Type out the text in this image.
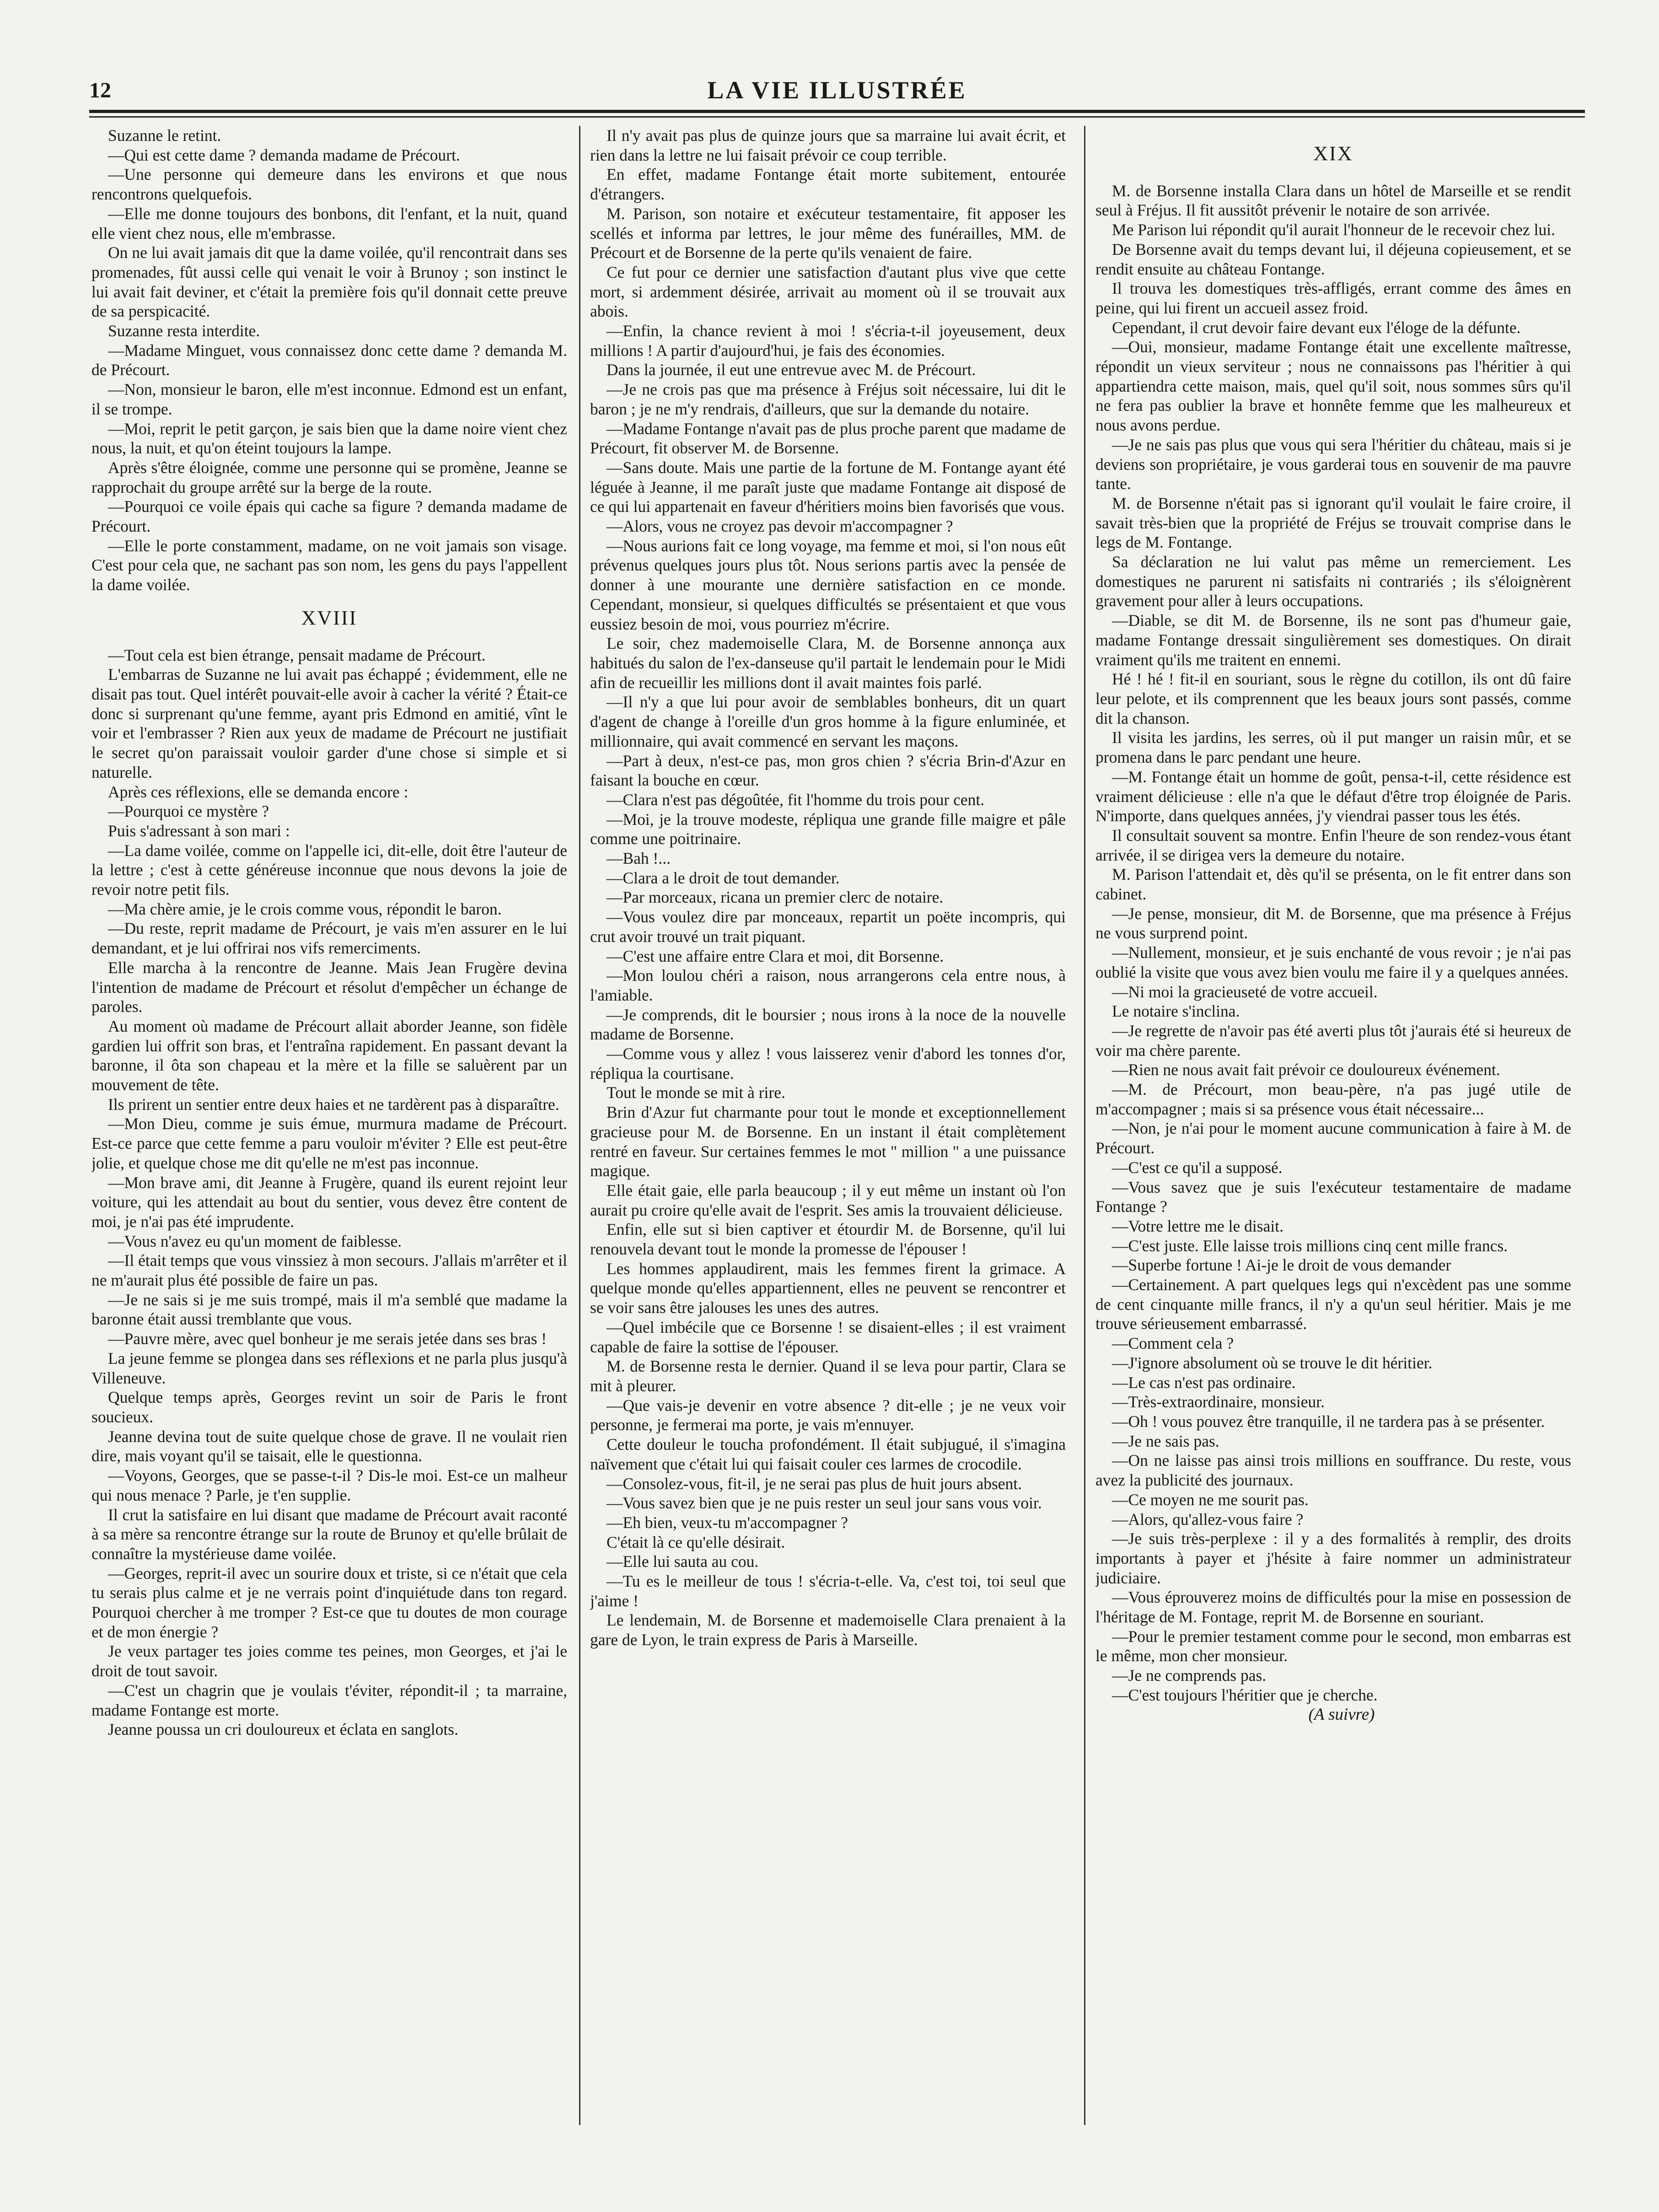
12	LA VIE ILLUSTRÉE

Suzanne le retint.

—Qui est cette dame ? demanda madame de Précourt.

—Une personne qui demeure dans les environs et que nous rencontrons quelquefois.

—Elle me donne toujours des bonbons, dit l'enfant, et la nuit, quand elle vient chez nous, elle m'embrasse.

On ne lui avait jamais dit que la dame voilée, qu'il rencontrait dans ses promenades, fût aussi celle qui venait le voir à Brunoy ; son instinct le lui avait fait deviner, et c'était la première fois qu'il donnait cette preuve de sa perspicacité.

Suzanne resta interdite.

—Madame Minguet, vous connaissez donc cette dame ? demanda M. de Précourt.

—Non, monsieur le baron, elle m'est inconnue. Edmond est un enfant, il se trompe.

—Moi, reprit le petit garçon, je sais bien que la dame noire vient chez nous, la nuit, et qu'on éteint toujours la lampe.

Après s'être éloignée, comme une personne qui se promène, Jeanne se rapprochait du groupe arrêté sur la berge de la route.

—Pourquoi ce voile épais qui cache sa figure ? demanda madame de Précourt.

—Elle le porte constamment, madame, on ne voit jamais son visage. C'est pour cela que, ne sachant pas son nom, les gens du pays l'appellent la dame voilée.

XVIII

—Tout cela est bien étrange, pensait madame de Précourt.

L'embarras de Suzanne ne lui avait pas échappé ; évidemment, elle ne disait pas tout. Quel intérêt pouvait-elle avoir à cacher la vérité ? Était-ce donc si surprenant qu'une femme, ayant pris Edmond en amitié, vînt le voir et l'embrasser ? Rien aux yeux de madame de Précourt ne justifiait le secret qu'on paraissait vouloir garder d'une chose si simple et si naturelle.

Après ces réflexions, elle se demanda encore :

—Pourquoi ce mystère ?

Puis s'adressant à son mari :

—La dame voilée, comme on l'appelle ici, dit-elle, doit être l'auteur de la lettre ; c'est à cette généreuse inconnue que nous devons la joie de revoir notre petit fils.

—Ma chère amie, je le crois comme vous, répondit le baron.

—Du reste, reprit madame de Précourt, je vais m'en assurer en le lui demandant, et je lui offrirai nos vifs remerciments.

Elle marcha à la rencontre de Jeanne. Mais Jean Frugère devina l'intention de madame de Précourt et résolut d'empêcher un échange de paroles.

Au moment où madame de Précourt allait aborder Jeanne, son fidèle gardien lui offrit son bras, et l'entraîna rapidement. En passant devant la baronne, il ôta son chapeau et la mère et la fille se saluèrent par un mouvement de tête.

Ils prirent un sentier entre deux haies et ne tardèrent pas à disparaître.

—Mon Dieu, comme je suis émue, murmura madame de Précourt. Est-ce parce que cette femme a paru vouloir m'éviter ? Elle est peut-être jolie, et quelque chose me dit qu'elle ne m'est pas inconnue.

—Mon brave ami, dit Jeanne à Frugère, quand ils eurent rejoint leur voiture, qui les attendait au bout du sentier, vous devez être content de moi, je n'ai pas été imprudente.

—Vous n'avez eu qu'un moment de faiblesse.

—Il était temps que vous vinssiez à mon secours. J'allais m'arrêter et il ne m'aurait plus été possible de faire un pas.

—Je ne sais si je me suis trompé, mais il m'a semblé que madame la baronne était aussi tremblante que vous.

—Pauvre mère, avec quel bonheur je me serais jetée dans ses bras !

La jeune femme se plongea dans ses réflexions et ne parla plus jusqu'à Villeneuve.

Quelque temps après, Georges revint un soir de Paris le front soucieux.

Jeanne devina tout de suite quelque chose de grave. Il ne voulait rien dire, mais voyant qu'il se taisait, elle le questionna.

—Voyons, Georges, que se passe-t-il ? Dis-le moi. Est-ce un malheur qui nous menace ? Parle, je t'en supplie.

Il crut la satisfaire en lui disant que madame de Précourt avait raconté à sa mère sa rencontre étrange sur la route de Brunoy et qu'elle brûlait de connaître la mystérieuse dame voilée.

—Georges, reprit-il avec un sourire doux et triste, si ce n'était que cela tu serais plus calme et je ne verrais point d'inquiétude dans ton regard. Pourquoi chercher à me tromper ? Est-ce que tu doutes de mon courage et de mon énergie ?

Je veux partager tes joies comme tes peines, mon Georges, et j'ai le droit de tout savoir.

—C'est un chagrin que je voulais t'éviter, répondit-il ; ta marraine, madame Fontange est morte.

Jeanne poussa un cri douloureux et éclata en sanglots.

Il n'y avait pas plus de quinze jours que sa marraine lui avait écrit, et rien dans la lettre ne lui faisait prévoir ce coup terrible.

En effet, madame Fontange était morte subitement, entourée d'étrangers.

M. Parison, son notaire et exécuteur testamentaire, fit apposer les scellés et informa par lettres, le jour même des funérailles, MM. de Précourt et de Borsenne de la perte qu'ils venaient de faire.

Ce fut pour ce dernier une satisfaction d'autant plus vive que cette mort, si ardemment désirée, arrivait au moment où il se trouvait aux abois.

—Enfin, la chance revient à moi ! s'écria-t-il joyeusement, deux millions ! A partir d'aujourd'hui, je fais des économies.

Dans la journée, il eut une entrevue avec M. de Précourt.

—Je ne crois pas que ma présence à Fréjus soit nécessaire, lui dit le baron ; je ne m'y rendrais, d'ailleurs, que sur la demande du notaire.

—Madame Fontange n'avait pas de plus proche parent que madame de Précourt, fit observer M. de Borsenne.

—Sans doute. Mais une partie de la fortune de M. Fontange ayant été léguée à Jeanne, il me paraît juste que madame Fontange ait disposé de ce qui lui appartenait en faveur d'héritiers moins bien favorisés que vous.

—Alors, vous ne croyez pas devoir m'accompagner ?

—Nous aurions fait ce long voyage, ma femme et moi, si l'on nous eût prévenus quelques jours plus tôt. Nous serions partis avec la pensée de donner à une mourante une dernière satisfaction en ce monde. Cependant, monsieur, si quelques difficultés se présentaient et que vous eussiez besoin de moi, vous pourriez m'écrire.

Le soir, chez mademoiselle Clara, M. de Borsenne annonça aux habitués du salon de l'ex-danseuse qu'il partait le lendemain pour le Midi afin de recueillir les millions dont il avait maintes fois parlé.

—Il n'y a que lui pour avoir de semblables bonheurs, dit un quart d'agent de change à l'oreille d'un gros homme à la figure enluminée, et millionnaire, qui avait commencé en servant les maçons.

—Part à deux, n'est-ce pas, mon gros chien ? s'écria Brin-d'Azur en faisant la bouche en cœur.

—Clara n'est pas dégoûtée, fit l'homme du trois pour cent.

—Moi, je la trouve modeste, répliqua une grande fille maigre et pâle comme une poitrinaire.

—Bah !...

—Clara a le droit de tout demander.

—Par morceaux, ricana un premier clerc de notaire.

—Vous voulez dire par monceaux, repartit un poëte incompris, qui crut avoir trouvé un trait piquant.

—C'est une affaire entre Clara et moi, dit Borsenne.

—Mon loulou chéri a raison, nous arrangerons cela entre nous, à l'amiable.

—Je comprends, dit le boursier ; nous irons à la noce de la nouvelle madame de Borsenne.

—Comme vous y allez ! vous laisserez venir d'abord les tonnes d'or, répliqua la courtisane.

Tout le monde se mit à rire.

Brin d'Azur fut charmante pour tout le monde et exceptionnellement gracieuse pour M. de Borsenne. En un instant il était complètement rentré en faveur. Sur certaines femmes le mot " million " a une puissance magique.

Elle était gaie, elle parla beaucoup ; il y eut même un instant où l'on aurait pu croire qu'elle avait de l'esprit. Ses amis la trouvaient délicieuse.

Enfin, elle sut si bien captiver et étourdir M. de Borsenne, qu'il lui renouvela devant tout le monde la promesse de l'épouser !

Les hommes applaudirent, mais les femmes firent la grimace. A quelque monde qu'elles appartiennent, elles ne peuvent se rencontrer et se voir sans être jalouses les unes des autres.

—Quel imbécile que ce Borsenne ! se disaient-elles ; il est vraiment capable de faire la sottise de l'épouser.

M. de Borsenne resta le dernier. Quand il se leva pour partir, Clara se mit à pleurer.

—Que vais-je devenir en votre absence ? dit-elle ; je ne veux voir personne, je fermerai ma porte, je vais m'ennuyer.

Cette douleur le toucha profondément. Il était subjugué, il s'imagina naïvement que c'était lui qui faisait couler ces larmes de crocodile.

—Consolez-vous, fit-il, je ne serai pas plus de huit jours absent.

—Vous savez bien que je ne puis rester un seul jour sans vous voir.

—Eh bien, veux-tu m'accompagner ?

C'était là ce qu'elle désirait.

—Elle lui sauta au cou.

—Tu es le meilleur de tous ! s'écria-t-elle. Va, c'est toi, toi seul que j'aime !

Le lendemain, M. de Borsenne et mademoiselle Clara prenaient à la gare de Lyon, le train express de Paris à Marseille.

XIX

M. de Borsenne installa Clara dans un hôtel de Marseille et se rendit seul à Fréjus. Il fit aussitôt prévenir le notaire de son arrivée.

Me Parison lui répondit qu'il aurait l'honneur de le recevoir chez lui.

De Borsenne avait du temps devant lui, il déjeuna copieusement, et se rendit ensuite au château Fontange.

Il trouva les domestiques très-affligés, errant comme des âmes en peine, qui lui firent un accueil assez froid.

Cependant, il crut devoir faire devant eux l'éloge de la défunte.

—Oui, monsieur, madame Fontange était une excellente maîtresse, répondit un vieux serviteur ; nous ne connaissons pas l'héritier à qui appartiendra cette maison, mais, quel qu'il soit, nous sommes sûrs qu'il ne fera pas oublier la brave et honnête femme que les malheureux et nous avons perdue.

—Je ne sais pas plus que vous qui sera l'héritier du château, mais si je deviens son propriétaire, je vous garderai tous en souvenir de ma pauvre tante.

M. de Borsenne n'était pas si ignorant qu'il voulait le faire croire, il savait très-bien que la propriété de Fréjus se trouvait comprise dans le legs de M. Fontange.

Sa déclaration ne lui valut pas même un remerciement. Les domestiques ne parurent ni satisfaits ni contrariés ; ils s'éloignèrent gravement pour aller à leurs occupations.

—Diable, se dit M. de Borsenne, ils ne sont pas d'humeur gaie, madame Fontange dressait singulièrement ses domestiques. On dirait vraiment qu'ils me traitent en ennemi.

Hé ! hé ! fit-il en souriant, sous le règne du cotillon, ils ont dû faire leur pelote, et ils comprennent que les beaux jours sont passés, comme dit la chanson.

Il visita les jardins, les serres, où il put manger un raisin mûr, et se promena dans le parc pendant une heure.

—M. Fontange était un homme de goût, pensa-t-il, cette résidence est vraiment délicieuse : elle n'a que le défaut d'être trop éloignée de Paris. N'importe, dans quelques années, j'y viendrai passer tous les étés.

Il consultait souvent sa montre. Enfin l'heure de son rendez-vous étant arrivée, il se dirigea vers la demeure du notaire.

M. Parison l'attendait et, dès qu'il se présenta, on le fit entrer dans son cabinet.

—Je pense, monsieur, dit M. de Borsenne, que ma présence à Fréjus ne vous surprend point.

—Nullement, monsieur, et je suis enchanté de vous revoir ; je n'ai pas oublié la visite que vous avez bien voulu me faire il y a quelques années.

—Ni moi la gracieuseté de votre accueil.

Le notaire s'inclina.

—Je regrette de n'avoir pas été averti plus tôt j'aurais été si heureux de voir ma chère parente.

—Rien ne nous avait fait prévoir ce douloureux événement.

—M. de Précourt, mon beau-père, n'a pas jugé utile de m'accompagner ; mais si sa présence vous était nécessaire...

—Non, je n'ai pour le moment aucune communication à faire à M. de Précourt.

—C'est ce qu'il a supposé.

—Vous savez que je suis l'exécuteur testamentaire de madame Fontange ?

—Votre lettre me le disait.

—C'est juste. Elle laisse trois millions cinq cent mille francs.

—Superbe fortune ! Ai-je le droit de vous demander

—Certainement. A part quelques legs qui n'excèdent pas une somme de cent cinquante mille francs, il n'y a qu'un seul héritier. Mais je me trouve sérieusement embarrassé.

—Comment cela ?

—J'ignore absolument où se trouve le dit héritier.

—Le cas n'est pas ordinaire.

—Très-extraordinaire, monsieur.

—Oh ! vous pouvez être tranquille, il ne tardera pas à se présenter.

—Je ne sais pas.

—On ne laisse pas ainsi trois millions en souffrance. Du reste, vous avez la publicité des journaux.

—Ce moyen ne me sourit pas.

—Alors, qu'allez-vous faire ?

—Je suis très-perplexe : il y a des formalités à remplir, des droits importants à payer et j'hésite à faire nommer un administrateur judiciaire.

—Vous éprouverez moins de difficultés pour la mise en possession de l'héritage de M. Fontage, reprit M. de Borsenne en souriant.

—Pour le premier testament comme pour le second, mon embarras est le même, mon cher monsieur.

—Je ne comprends pas.

—C'est toujours l'héritier que je cherche.

(A suivre)
